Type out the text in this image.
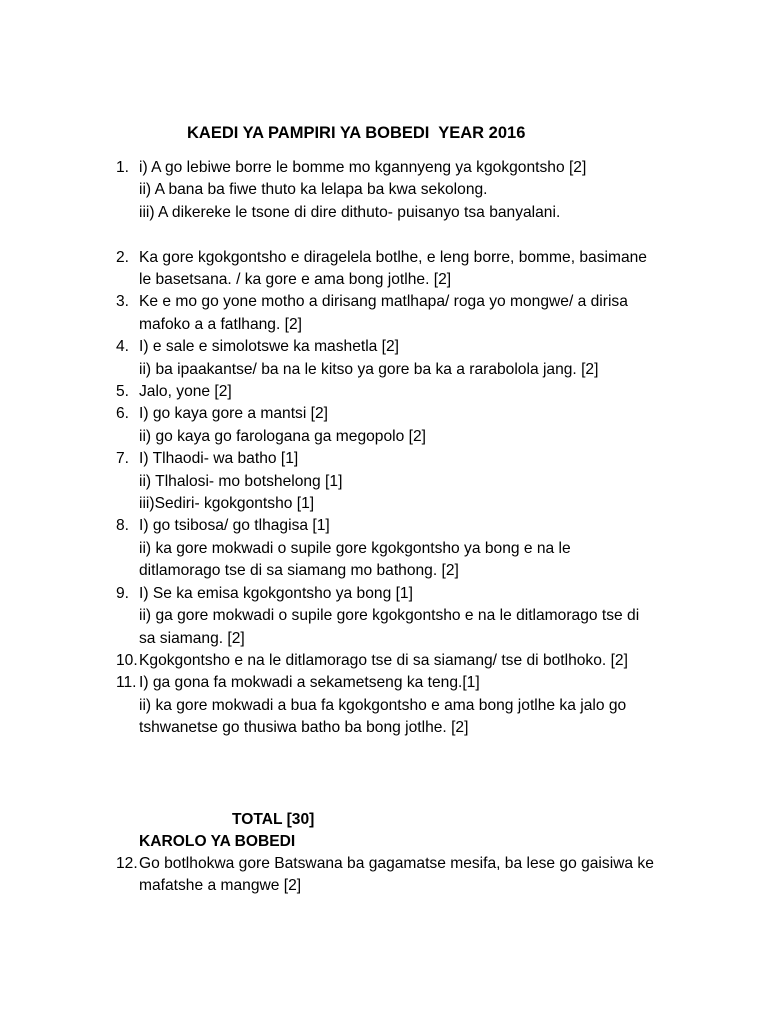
KAEDI YA PAMPIRI YA BOBEDI  YEAR 2016
1. i) A go lebiwe borre le bomme mo kgannyeng ya kgokgontsho [2]
ii) A bana ba fiwe thuto ka lelapa ba kwa sekolong.
iii) A dikereke le tsone di dire dithuto- puisanyo tsa banyalani.
2. Ka gore kgokgontsho e diragelela botlhe, e leng borre, bomme, basimane
le basetsana. / ka gore e ama bong jotlhe. [2]
3. Ke e mo go yone motho a dirisang matlhapa/ roga yo mongwe/ a dirisa
mafoko a a fatlhang. [2]
4. I) e sale e simolotswe ka mashetla [2]
ii) ba ipaakantse/ ba na le kitso ya gore ba ka a rarabolola jang. [2]
5. Jalo, yone [2]
6. I) go kaya gore a mantsi [2]
ii) go kaya go farologana ga megopolo [2]
7. I) Tlhaodi- wa batho [1]
ii) Tlhalosi- mo botshelong [1]
iii)Sediri- kgokgontsho [1]
8. I) go tsibosa/ go tlhagisa [1]
ii) ka gore mokwadi o supile gore kgokgontsho ya bong e na le
ditlamorago tse di sa siamang mo bathong. [2]
9. I) Se ka emisa kgokgontsho ya bong [1]
ii) ga gore mokwadi o supile gore kgokgontsho e na le ditlamorago tse di
sa siamang. [2]
10. Kgokgontsho e na le ditlamorago tse di sa siamang/ tse di botlhoko. [2]
11. I) ga gona fa mokwadi a sekametseng ka teng.[1]
ii) ka gore mokwadi a bua fa kgokgontsho e ama bong jotlhe ka jalo go
tshwanetse go thusiwa batho ba bong jotlhe. [2]
TOTAL [30]
KAROLO YA BOBEDI
12. Go botlhokwa gore Batswana ba gagamatse mesifa, ba lese go gaisiwa ke
mafatshe a mangwe [2]
